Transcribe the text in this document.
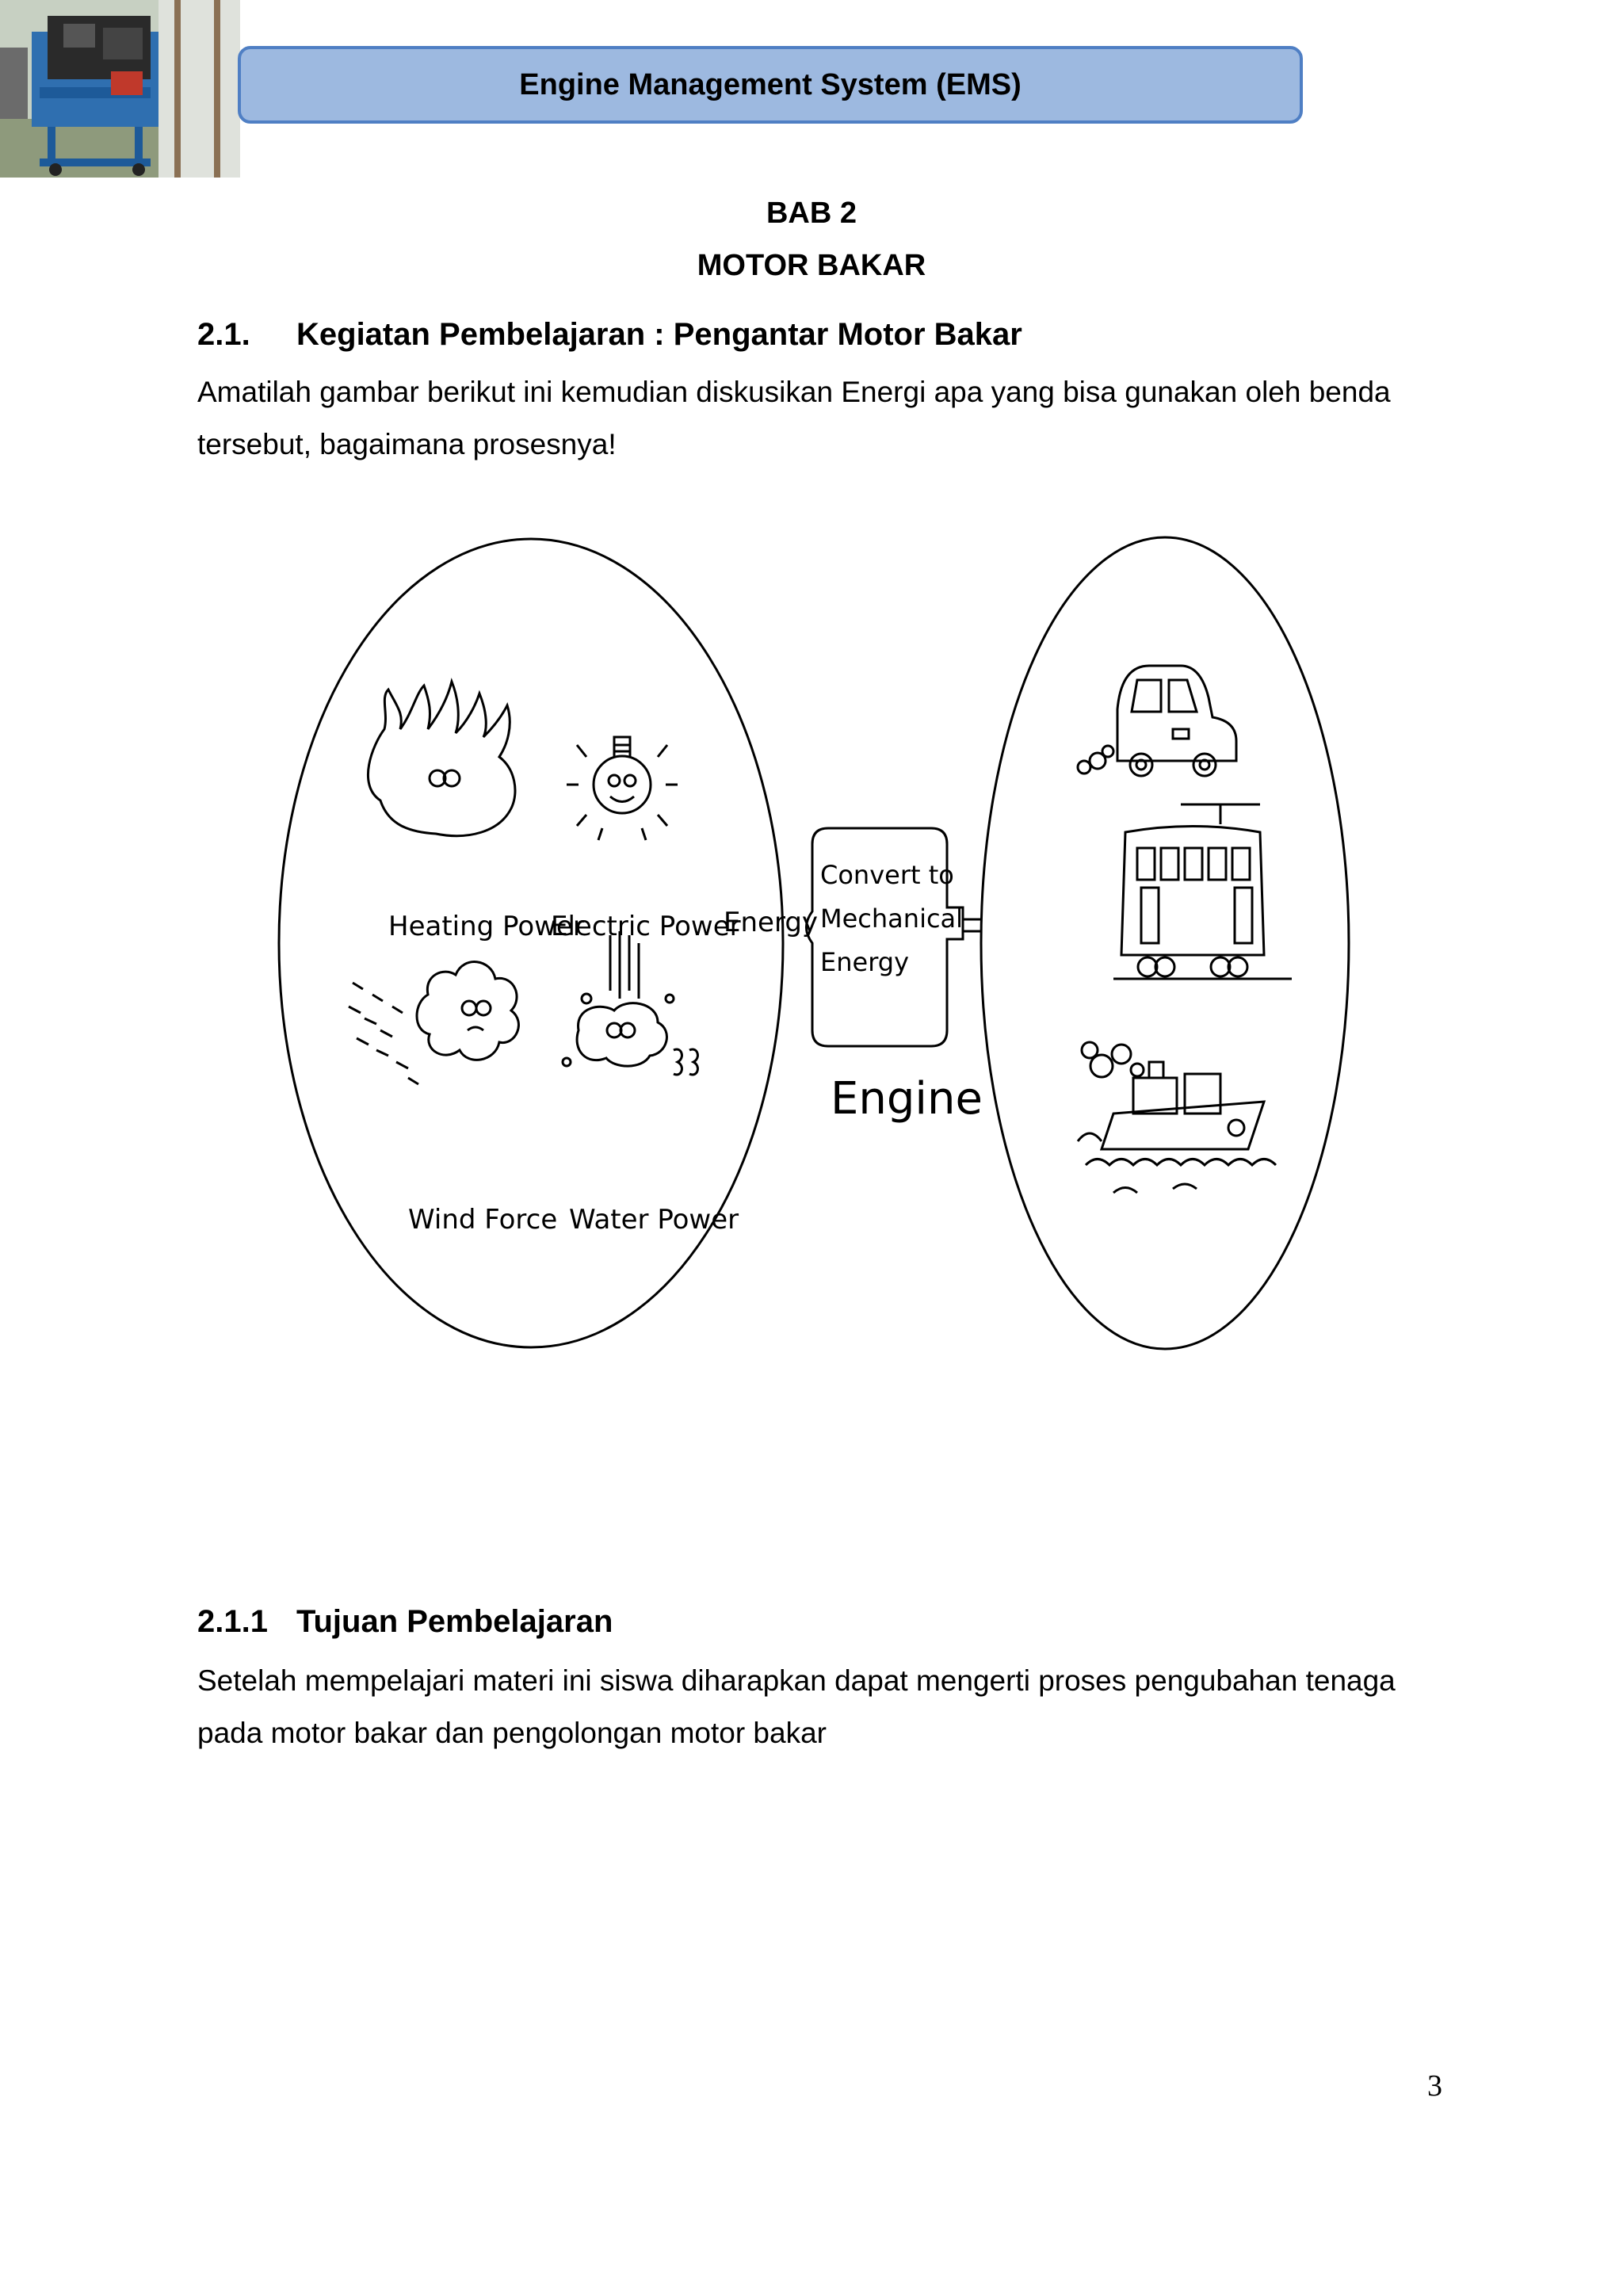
Engine Management System (EMS)
BAB 2
MOTOR BAKAR
2.1.	Kegiatan Pembelajaran : Pengantar Motor Bakar
Amatilah gambar berikut ini kemudian diskusikan Energi apa yang bisa gunakan oleh benda tersebut, bagaimana prosesnya!
Heating Power
Electric Power
Wind Force Water Power
Energy
Convert to
Mechanical
Energy
Engine
2.1.1 Tujuan Pembelajaran
Setelah mempelajari materi ini siswa diharapkan dapat mengerti proses pengubahan tenaga pada motor bakar dan pengolongan motor bakar
3
